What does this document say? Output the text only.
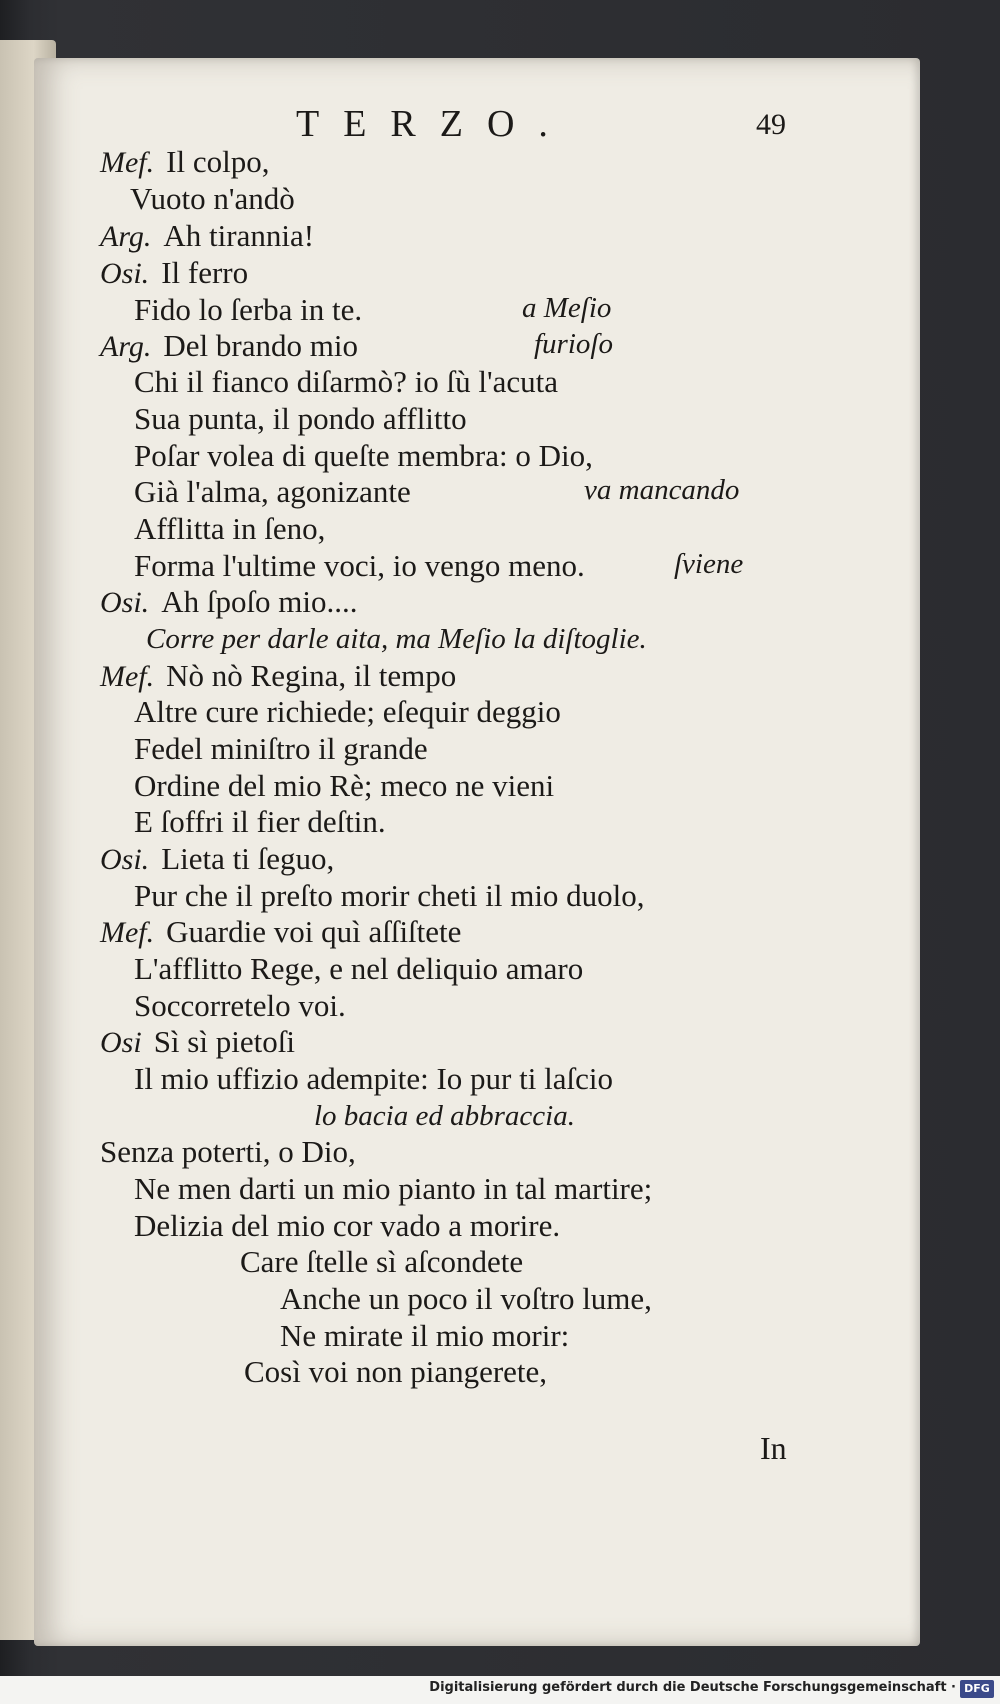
TERZO.	49
Mef. Il colpo,
Vuoto n'andò
Arg. Ah tirannia!
Osi. Il ferro
Fido lo ſerba in te.
Arg. Del brando mio
Chi il fianco diſarmò? io ſù l'acuta
Sua punta, il pondo afflitto
Poſar volea di queſte membra: o Dio,
Già l'alma, agonizante
Afflitta in ſeno,
Forma l'ultime voci, io vengo meno.
Osi. Ah ſpoſo mio....
Corre per darle aita, ma Meſio la diſtoglie.
Mef. Nò nò Regina, il tempo
Altre cure richiede; eſequir deggio
Fedel miniſtro il grande
Ordine del mio Rè; meco ne vieni
E ſoffri il fier deſtin.
Osi. Lieta ti ſeguo,
Pur che il preſto morir cheti il mio duolo,
Mef. Guardie voi quì aſſiſtete
L'afflitto Rege, e nel deliquio amaro
Soccorretelo voi.
Osi Sì sì pietoſi
Il mio uffizio adempite: Io pur ti laſcio
lo bacia ed abbraccia.
Senza poterti, o Dio,
Ne men darti un mio pianto in tal martire;
Delizia del mio cor vado a morire.
Care ſtelle sì aſcondete
Anche un poco il voſtro lume,
Ne mirate il mio morir:
Così voi non piangerete,
a Meſio
furioſo
va mancando
ſviene
In
Digitalisierung gefördert durch die Deutsche Forschungsgemeinschaft · DFG
